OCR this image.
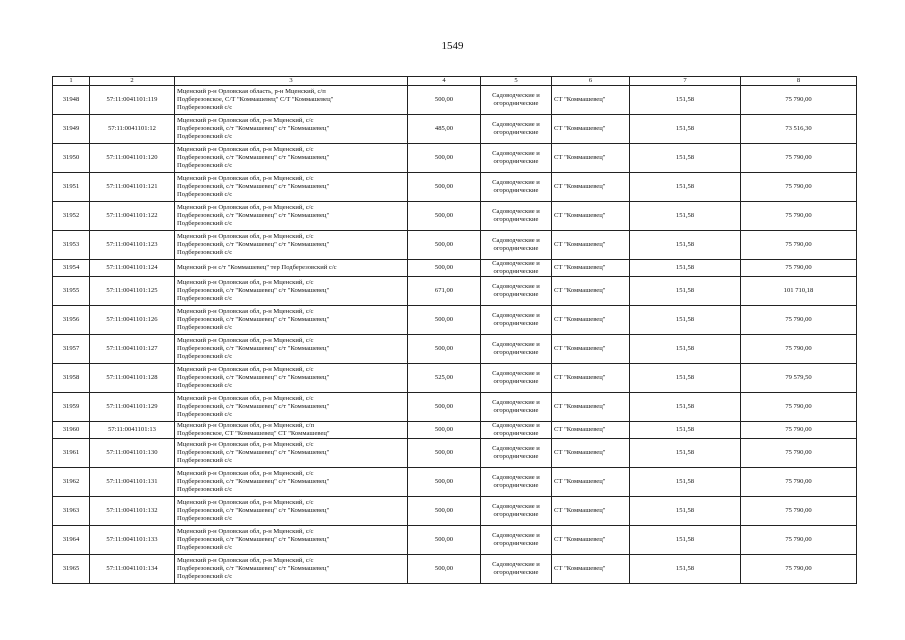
1549
1	2	3	4	5	6	7	8
31948	57:11:0041101:119	Мценский р-н Орловская область, р-н Мценский, с/п
Подберезовское, С/Т "Коммашевец" С/Т "Коммашевец"
Подберезовский с/с	500,00	Садоводческие и
огороднические	СТ "Коммашевец"	151,58	75 790,00
31949	57:11:0041101:12	Мценский р-н Орловская обл, р-н Мценский, с/с
Подберезовский, с/т "Коммашевец" с/т "Коммашевец"
Подберезовский с/с	485,00	Садоводческие и
огороднические	СТ "Коммашевец"	151,58	73 516,30
31950	57:11:0041101:120	Мценский р-н Орловская обл, р-н Мценский, с/с
Подберезовский, с/т "Коммашевец" с/т "Коммашевец"
Подберезовский с/с	500,00	Садоводческие и
огороднические	СТ "Коммашевец"	151,58	75 790,00
31951	57:11:0041101:121	Мценский р-н Орловская обл, р-н Мценский, с/с
Подберезовский, с/т "Коммашевец" с/т "Коммашевец"
Подберезовский с/с	500,00	Садоводческие и
огороднические	СТ "Коммашевец"	151,58	75 790,00
31952	57:11:0041101:122	Мценский р-н Орловская обл, р-н Мценский, с/с
Подберезовский, с/т "Коммашевец" с/т "Коммашевец"
Подберезовский с/с	500,00	Садоводческие и
огороднические	СТ "Коммашевец"	151,58	75 790,00
31953	57:11:0041101:123	Мценский р-н Орловская обл, р-н Мценский, с/с
Подберезовский, с/т "Коммашевец" с/т "Коммашевец"
Подберезовский с/с	500,00	Садоводческие и
огороднические	СТ "Коммашевец"	151,58	75 790,00
31954	57:11:0041101:124	Мценский р-н с/т "Коммашевец" тер Подберезовский с/с	500,00	Садоводческие и
огороднические	СТ "Коммашевец"	151,58	75 790,00
31955	57:11:0041101:125	Мценский р-н Орловская обл, р-н Мценский, с/с
Подберезовский, с/т "Коммашевец" с/т "Коммашевец"
Подберезовский с/с	671,00	Садоводческие и
огороднические	СТ "Коммашевец"	151,58	101 710,18
31956	57:11:0041101:126	Мценский р-н Орловская обл, р-н Мценский, с/с
Подберезовский, с/т "Коммашевец" с/т "Коммашевец"
Подберезовский с/с	500,00	Садоводческие и
огороднические	СТ "Коммашевец"	151,58	75 790,00
31957	57:11:0041101:127	Мценский р-н Орловская обл, р-н Мценский, с/с
Подберезовский, с/т "Коммашевец" с/т "Коммашевец"
Подберезовский с/с	500,00	Садоводческие и
огороднические	СТ "Коммашевец"	151,58	75 790,00
31958	57:11:0041101:128	Мценский р-н Орловская обл, р-н Мценский, с/с
Подберезовский, с/т "Коммашевец" с/т "Коммашевец"
Подберезовский с/с	525,00	Садоводческие и
огороднические	СТ "Коммашевец"	151,58	79 579,50
31959	57:11:0041101:129	Мценский р-н Орловская обл, р-н Мценский, с/с
Подберезовский, с/т "Коммашевец" с/т "Коммашевец"
Подберезовский с/с	500,00	Садоводческие и
огороднические	СТ "Коммашевец"	151,58	75 790,00
31960	57:11:0041101:13	Мценский р-н Орловская обл, р-н Мценский, с/п
Подберезовское, СТ "Коммашевец" СТ "Коммашевец"	500,00	Садоводческие и
огороднические	СТ "Коммашевец"	151,58	75 790,00
31961	57:11:0041101:130	Мценский р-н Орловская обл, р-н Мценский, с/с
Подберезовский, с/т "Коммашевец" с/т "Коммашевец"
Подберезовский с/с	500,00	Садоводческие и
огороднические	СТ "Коммашевец"	151,58	75 790,00
31962	57:11:0041101:131	Мценский р-н Орловская обл, р-н Мценский, с/с
Подберезовский, с/т "Коммашевец" с/т "Коммашевец"
Подберезовский с/с	500,00	Садоводческие и
огороднические	СТ "Коммашевец"	151,58	75 790,00
31963	57:11:0041101:132	Мценский р-н Орловская обл, р-н Мценский, с/с
Подберезовский, с/т "Коммашевец" с/т "Коммашевец"
Подберезовский с/с	500,00	Садоводческие и
огороднические	СТ "Коммашевец"	151,58	75 790,00
31964	57:11:0041101:133	Мценский р-н Орловская обл, р-н Мценский, с/с
Подберезовский, с/т "Коммашевец" с/т "Коммашевец"
Подберезовский с/с	500,00	Садоводческие и
огороднические	СТ "Коммашевец"	151,58	75 790,00
31965	57:11:0041101:134	Мценский р-н Орловская обл, р-н Мценский, с/с
Подберезовский, с/т "Коммашевец" с/т "Коммашевец"
Подберезовский с/с	500,00	Садоводческие и
огороднические	СТ "Коммашевец"	151,58	75 790,00
